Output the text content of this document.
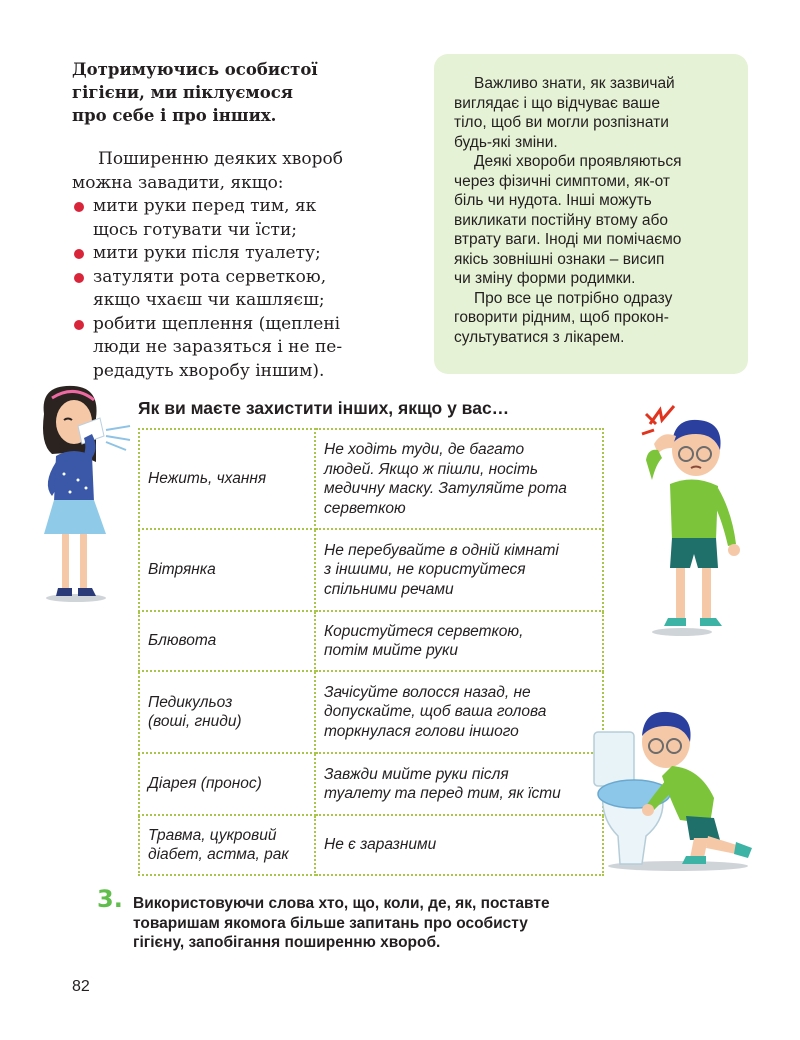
Дотримуючись особистої
гігієни, ми піклуємося
про себе і про інших.
Поширенню деяких хвороб
можна завадити, якщо:
мити руки перед тим, як
щось готувати чи їсти;
мити руки після туалету;
затуляти рота серветкою,
якщо чхаєш чи кашляєш;
робити щеплення (щеплені
люди не заразяться і не пе-
редадуть хворобу іншим).
Важливо знати, як зазвичай
виглядає і що відчуває ваше
тіло, щоб ви могли розпізнати
будь-які зміни.
Деякі хвороби проявляються
через фізичні симптоми, як-от
біль чи нудота. Інші можуть
викликати постійну втому або
втрату ваги. Іноді ми помічаємо
якісь зовнішні ознаки – висип
чи зміну форми родимки.
Про все це потрібно одразу
говорити рідним, щоб прокон-
сультуватися з лікарем.
Як ви маєте захистити інших, якщо у вас…
Нежить, чхання	Не ходіть туди, де багато
людей. Якщо ж пішли, носіть
медичну маску. Затуляйте рота
серветкою

Вітрянка	Не перебувайте в одній кімнаті
з іншими, не користуйтеся
спільними речами

Блювота	Користуйтеся серветкою,
потім мийте руки

Педикульоз
(воші, гниди)	Зачісуйте волосся назад, не
допускайте, щоб ваша голова
торкнулася голови іншого

Діарея (пронос)	Завжди мийте руки після
туалету та перед тим, як їсти

Травма, цукровий
діабет, астма, рак	Не є заразними
3. Використовуючи слова хто, що, коли, де, як, поставте
товаришам якомога більше запитань про особисту
гігієну, запобігання поширенню хвороб.
82
